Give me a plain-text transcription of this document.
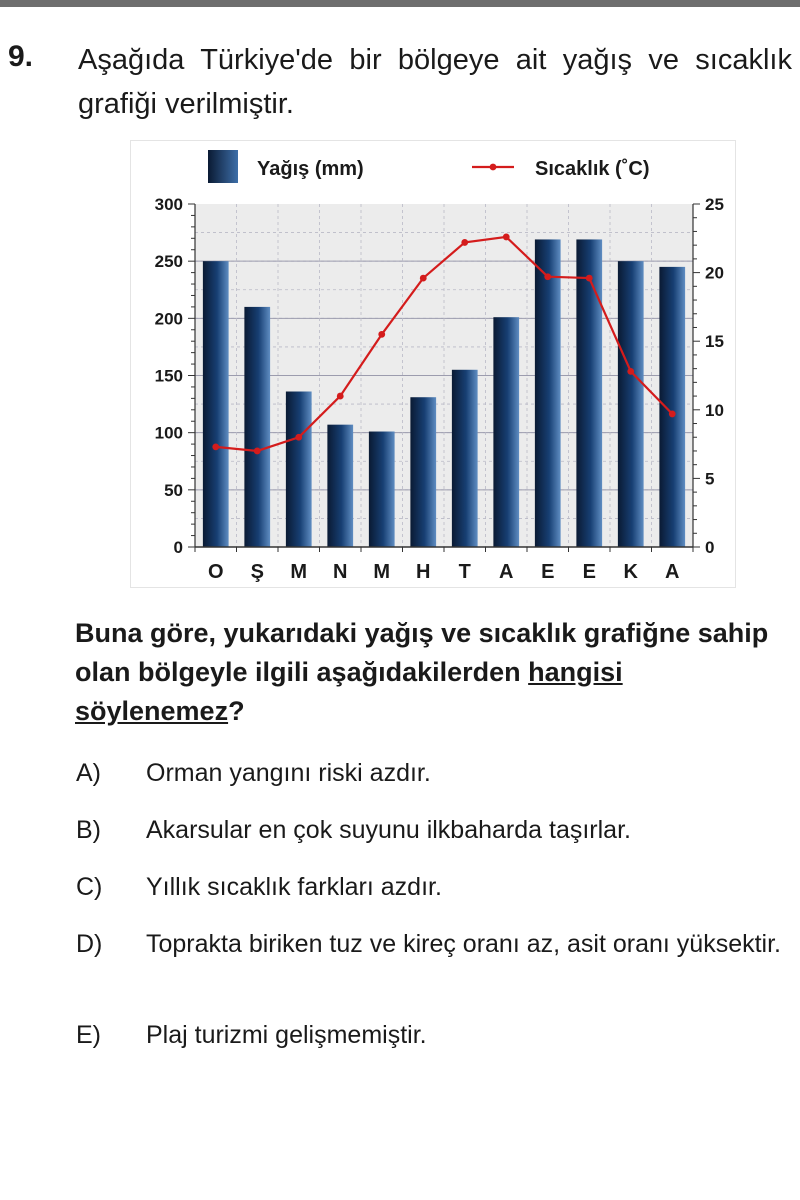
9. Aşağıda Türkiye'de bir bölgeye ait yağış ve sıcaklık grafiği verilmiştir.
0
50
100
150
200
250
300
0
5
10
15
20
25
O Ş M N M H T A E E K A
Yağış (mm)	Sıcaklık (˚C)
Buna göre, yukarıdaki yağış ve sıcaklık grafiğne sahip olan bölgeyle ilgili aşağıdakilerden hangisi söylenemez?
A)	Orman yangını riski azdır.
B)	Akarsular en çok suyunu ilkbaharda taşırlar.
C)	Yıllık sıcaklık farkları azdır.
D)	Toprakta biriken tuz ve kireç oranı az, asit oranı yüksektir.
E)	Plaj turizmi gelişmemiştir.
